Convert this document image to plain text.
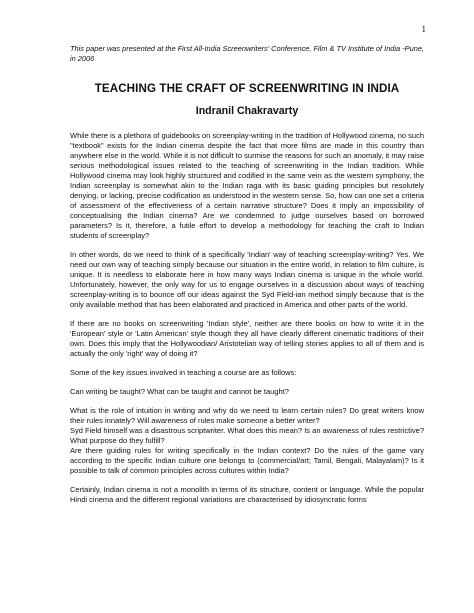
1
This paper was presented at the First All-India Screenwriters' Conference, Film & TV Institute of India -Pune, in 2006
TEACHING THE CRAFT OF SCREENWRITING IN INDIA
Indranil Chakravarty

While there is a plethora of guidebooks on screenplay-writing in the tradition of Hollywood cinema, no such "textbook" exists for the Indian cinema despite the fact that more films are made in this country than anywhere else in the world. While it is not difficult to surmise the reasons for such an anomaly, it may raise serious methodological issues related to the teaching of screenwriting in the Indian tradition. While Hollywood cinema may look highly structured and codified in the same vein as the western symphony, the Indian screenplay is somewhat akin to the Indian raga with its basic guiding principles but resolutely denying, or lacking, precise codification as understood in the western sense. So, how can one set a criteria of assessment of the effectiveness of a certain narrative structure? Does it imply an impossibility of conceptualising the Indian cinema? Are we condemned to judge ourselves based on borrowed parameters? Is it, therefore, a futile effort to develop a methodology for teaching the craft to Indian students of screenplay?

In other words, do we need to think of a specifically 'Indian' way of teaching screenplay-writing? Yes. We need our own way of teaching simply because our situation in the entire world, in relation to film culture, is unique. It is needless to elaborate here in how many ways Indian cinema is unique in the whole world. Unfortunately, however, the only way for us to engage ourselves in a discussion about ways of teaching screenplay-writing is to bounce off our ideas against the Syd Field-ian method simply because that is the only available method that has been elaborated and practiced in America and other parts of the world.

If there are no books on screenwriting 'Indian style', neither are there books on how to write it in the 'European' style or 'Latin American' style though they all have clearly different cinematic traditions of their own. Does this imply that the Hollywoodian/ Aristotelian way of telling stories applies to all of them and is actually the only 'right' way of doing it?

Some of the key issues involved in teaching a course are as follows:

Can writing be taught? What can be taught and cannot be taught?

What is the role of intuition in writing and why do we need to learn certain rules? Do great writers know their rules innately? Will awareness of rules make someone a better writer?

Syd Field himself was a disastrous scriptwriter. What does this mean? Is an awareness of rules restrictive? What purpose do they fulfill?

Are there guiding rules for writing specifically in the Indian context? Do the rules of the game vary according to the specific Indian culture one belongs to (commercial/art; Tamil, Bengali, Malayalam)? Is it possible to talk of common principles across cultures within India?

Certainly, Indian cinema is not a monolith in terms of its structure, content or language. While the popular Hindi cinema and the different regional variations are characterised by idiosyncratic forms
